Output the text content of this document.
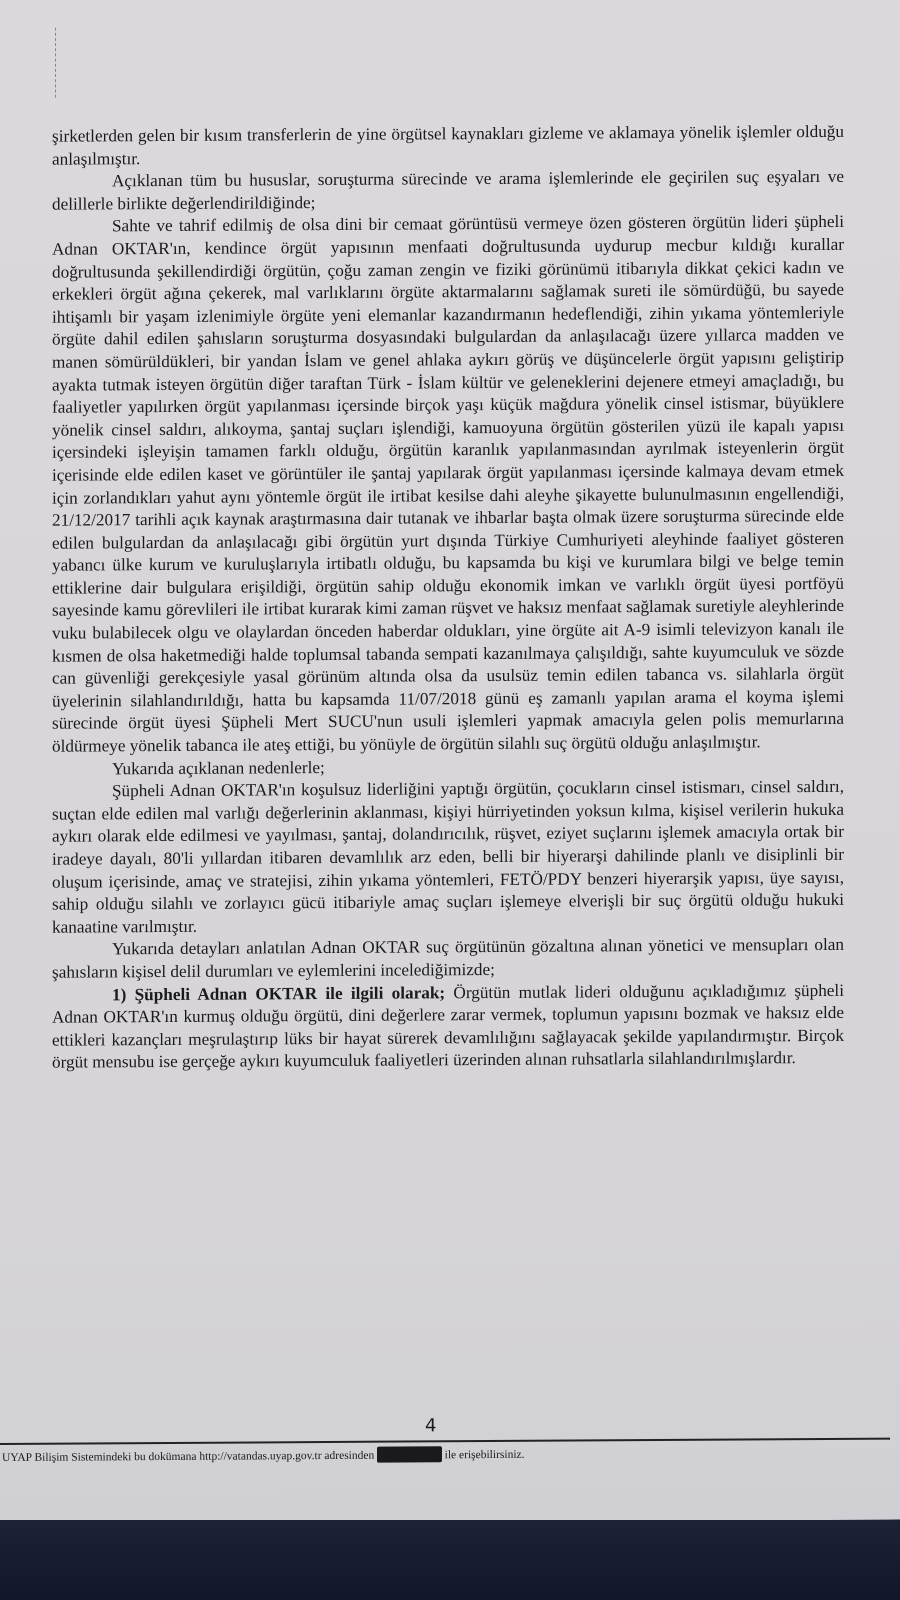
şirketlerden gelen bir kısım transferlerin de yine örgütsel kaynakları gizleme ve aklamaya yönelik işlemler olduğu anlaşılmıştır.

Açıklanan tüm bu hususlar, soruşturma sürecinde ve arama işlemlerinde ele geçirilen suç eşyaları ve delillerle birlikte değerlendirildiğinde;

Sahte ve tahrif edilmiş de olsa dini bir cemaat görüntüsü vermeye özen gösteren örgütün lideri şüpheli Adnan OKTAR'ın, kendince örgüt yapısının menfaati doğrultusunda uydurup mecbur kıldığı kurallar doğrultusunda şekillendirdiği örgütün, çoğu zaman zengin ve fiziki görünümü itibarıyla dikkat çekici kadın ve erkekleri örgüt ağına çekerek, mal varlıklarını örgüte aktarmalarını sağlamak sureti ile sömürdüğü, bu sayede ihtişamlı bir yaşam izlenimiyle örgüte yeni elemanlar kazandırmanın hedeflendiği, zihin yıkama yöntemleriyle örgüte dahil edilen şahısların soruşturma dosyasındaki bulgulardan da anlaşılacağı üzere yıllarca madden ve manen sömürüldükleri, bir yandan İslam ve genel ahlaka aykırı görüş ve düşüncelerle örgüt yapısını geliştirip ayakta tutmak isteyen örgütün diğer taraftan Türk - İslam kültür ve geleneklerini dejenere etmeyi amaçladığı, bu faaliyetler yapılırken örgüt yapılanması içersinde birçok yaşı küçük mağdura yönelik cinsel istismar, büyüklere yönelik cinsel saldırı, alıkoyma, şantaj suçları işlendiği, kamuoyuna örgütün gösterilen yüzü ile kapalı yapısı içersindeki işleyişin tamamen farklı olduğu, örgütün karanlık yapılanmasından ayrılmak isteyenlerin örgüt içerisinde elde edilen kaset ve görüntüler ile şantaj yapılarak örgüt yapılanması içersinde kalmaya devam etmek için zorlandıkları yahut aynı yöntemle örgüt ile irtibat kesilse dahi aleyhe şikayette bulunulmasının engellendiği, 21/12/2017 tarihli açık kaynak araştırmasına dair tutanak ve ihbarlar başta olmak üzere soruşturma sürecinde elde edilen bulgulardan da anlaşılacağı gibi örgütün yurt dışında Türkiye Cumhuriyeti aleyhinde faaliyet gösteren yabancı ülke kurum ve kuruluşlarıyla irtibatlı olduğu, bu kapsamda bu kişi ve kurumlara bilgi ve belge temin ettiklerine dair bulgulara erişildiği, örgütün sahip olduğu ekonomik imkan ve varlıklı örgüt üyesi portföyü sayesinde kamu görevlileri ile irtibat kurarak kimi zaman rüşvet ve haksız menfaat sağlamak suretiyle aleyhlerinde vuku bulabilecek olgu ve olaylardan önceden haberdar oldukları, yine örgüte ait A-9 isimli televizyon kanalı ile kısmen de olsa haketmediği halde toplumsal tabanda sempati kazanılmaya çalışıldığı, sahte kuyumculuk ve sözde can güvenliği gerekçesiyle yasal görünüm altında olsa da usulsüz temin edilen tabanca vs. silahlarla örgüt üyelerinin silahlandırıldığı, hatta bu kapsamda 11/07/2018 günü eş zamanlı yapılan arama el koyma işlemi sürecinde örgüt üyesi Şüpheli Mert SUCU'nun usuli işlemleri yapmak amacıyla gelen polis memurlarına öldürmeye yönelik tabanca ile ateş ettiği, bu yönüyle de örgütün silahlı suç örgütü olduğu anlaşılmıştır.

Yukarıda açıklanan nedenlerle;

Şüpheli Adnan OKTAR'ın koşulsuz liderliğini yaptığı örgütün, çocukların cinsel istismarı, cinsel saldırı, suçtan elde edilen mal varlığı değerlerinin aklanması, kişiyi hürriyetinden yoksun kılma, kişisel verilerin hukuka aykırı olarak elde edilmesi ve yayılması, şantaj, dolandırıcılık, rüşvet, eziyet suçlarını işlemek amacıyla ortak bir iradeye dayalı, 80'li yıllardan itibaren devamlılık arz eden, belli bir hiyerarşi dahilinde planlı ve disiplinli bir oluşum içerisinde, amaç ve stratejisi, zihin yıkama yöntemleri, FETÖ/PDY benzeri hiyerarşik yapısı, üye sayısı, sahip olduğu silahlı ve zorlayıcı gücü itibariyle amaç suçları işlemeye elverişli bir suç örgütü olduğu hukuki kanaatine varılmıştır.

Yukarıda detayları anlatılan Adnan OKTAR suç örgütünün gözaltına alınan yönetici ve mensupları olan şahısların kişisel delil durumları ve eylemlerini incelediğimizde;

1) Şüpheli Adnan OKTAR ile ilgili olarak; Örgütün mutlak lideri olduğunu açıkladığımız şüpheli Adnan OKTAR'ın kurmuş olduğu örgütü, dini değerlere zarar vermek, toplumun yapısını bozmak ve haksız elde ettikleri kazançları meşrulaştırıp lüks bir hayat sürerek devamlılığını sağlayacak şekilde yapılandırmıştır. Birçok örgüt mensubu ise gerçeğe aykırı kuyumculuk faaliyetleri üzerinden alınan ruhsatlarla silahlandırılmışlardır.

4
UYAP Bilişim Sistemindeki bu dokümana http://vatandas.uyap.gov.tr adresinden [redacted] ile erişebilirsiniz.
